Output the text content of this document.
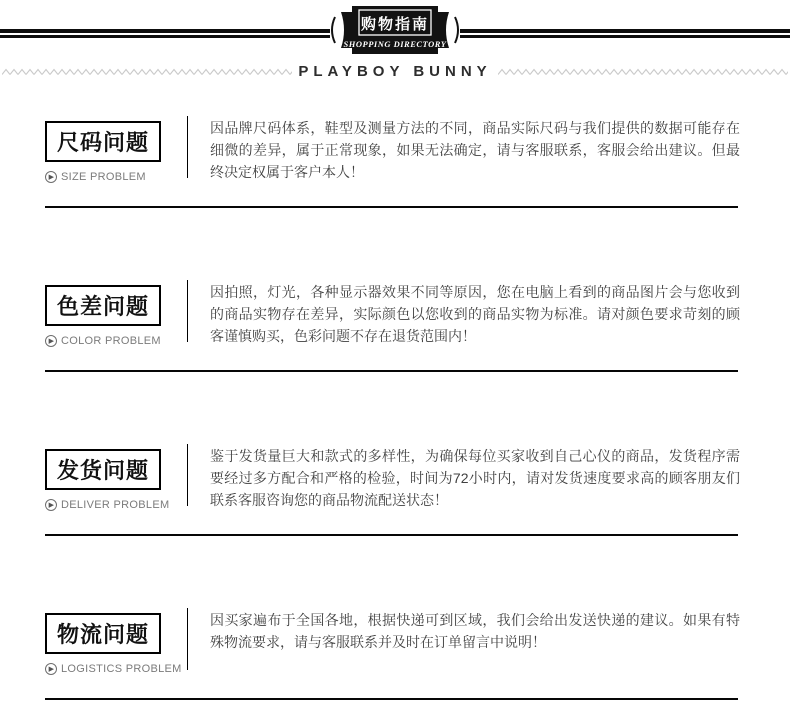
购物指南
SHOPPING DIRECTORY
PLAYBOY BUNNY
尺码问题
▶ SIZE PROBLEM

因品牌尺码体系，鞋型及测量方法的不同，商品实际尺码与我们提供的数据可能存在细微的差异，属于正常现象，如果无法确定，请与客服联系，客服会给出建议。但最终决定权属于客户本人！

色差问题
▶ COLOR PROBLEM

因拍照，灯光，各种显示器效果不同等原因，您在电脑上看到的商品图片会与您收到的商品实物存在差异，实际颜色以您收到的商品实物为标准。请对颜色要求苛刻的顾客谨慎购买，色彩问题不存在退货范围内！

发货问题
▶ DELIVER PROBLEM

鉴于发货量巨大和款式的多样性，为确保每位买家收到自己心仪的商品，发货程序需要经过多方配合和严格的检验，时间为72小时内，请对发货速度要求高的顾客朋友们联系客服咨询您的商品物流配送状态！

物流问题
▶ LOGISTICS PROBLEM

因买家遍布于全国各地，根据快递可到区域，我们会给出发送快递的建议。如果有特殊物流要求，请与客服联系并及时在订单留言中说明！
